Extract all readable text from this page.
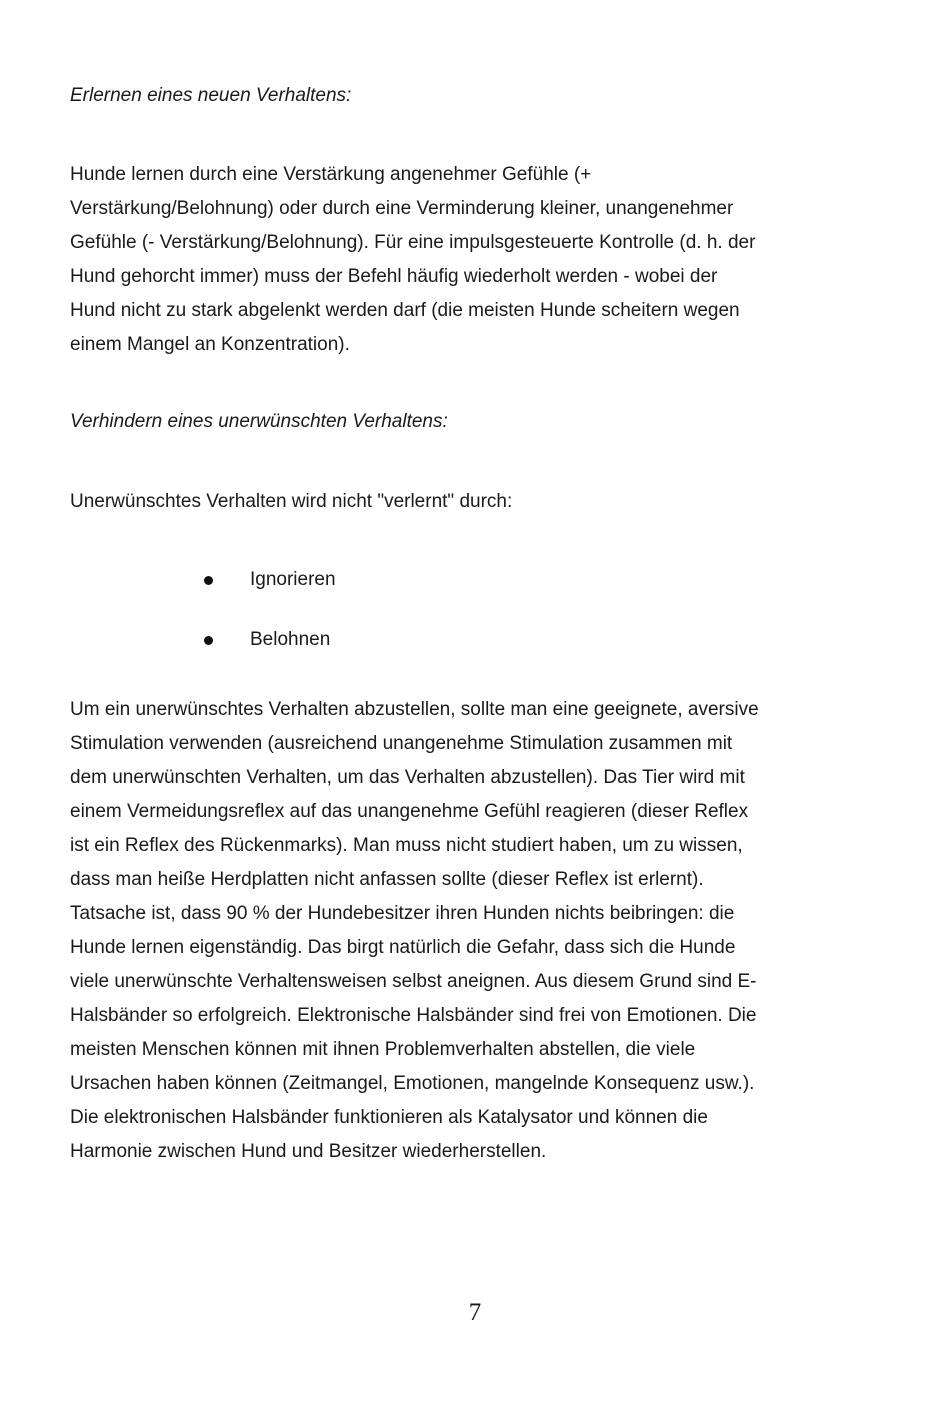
Erlernen eines neuen Verhaltens:
Hunde lernen durch eine Verstärkung angenehmer Gefühle (+
Verstärkung/Belohnung) oder durch eine Verminderung kleiner, unangenehmer
Gefühle (- Verstärkung/Belohnung). Für eine impulsgesteuerte Kontrolle (d. h. der
Hund gehorcht immer) muss der Befehl häufig wiederholt werden - wobei der
Hund nicht zu stark abgelenkt werden darf (die meisten Hunde scheitern wegen
einem Mangel an Konzentration).
Verhindern eines unerwünschten Verhaltens:
Unerwünschtes Verhalten wird nicht "verlernt" durch:
Ignorieren
Belohnen
Um ein unerwünschtes Verhalten abzustellen, sollte man eine geeignete, aversive
Stimulation verwenden (ausreichend unangenehme Stimulation zusammen mit
dem unerwünschten Verhalten, um das Verhalten abzustellen). Das Tier wird mit
einem Vermeidungsreflex auf das unangenehme Gefühl reagieren (dieser Reflex
ist ein Reflex des Rückenmarks). Man muss nicht studiert haben, um zu wissen,
dass man heiße Herdplatten nicht anfassen sollte (dieser Reflex ist erlernt).
Tatsache ist, dass 90 % der Hundebesitzer ihren Hunden nichts beibringen: die
Hunde lernen eigenständig. Das birgt natürlich die Gefahr, dass sich die Hunde
viele unerwünschte Verhaltensweisen selbst aneignen. Aus diesem Grund sind E-
Halsbänder so erfolgreich. Elektronische Halsbänder sind frei von Emotionen. Die
meisten Menschen können mit ihnen Problemverhalten abstellen, die viele
Ursachen haben können (Zeitmangel, Emotionen, mangelnde Konsequenz usw.).
Die elektronischen Halsbänder funktionieren als Katalysator und können die
Harmonie zwischen Hund und Besitzer wiederherstellen.
7
